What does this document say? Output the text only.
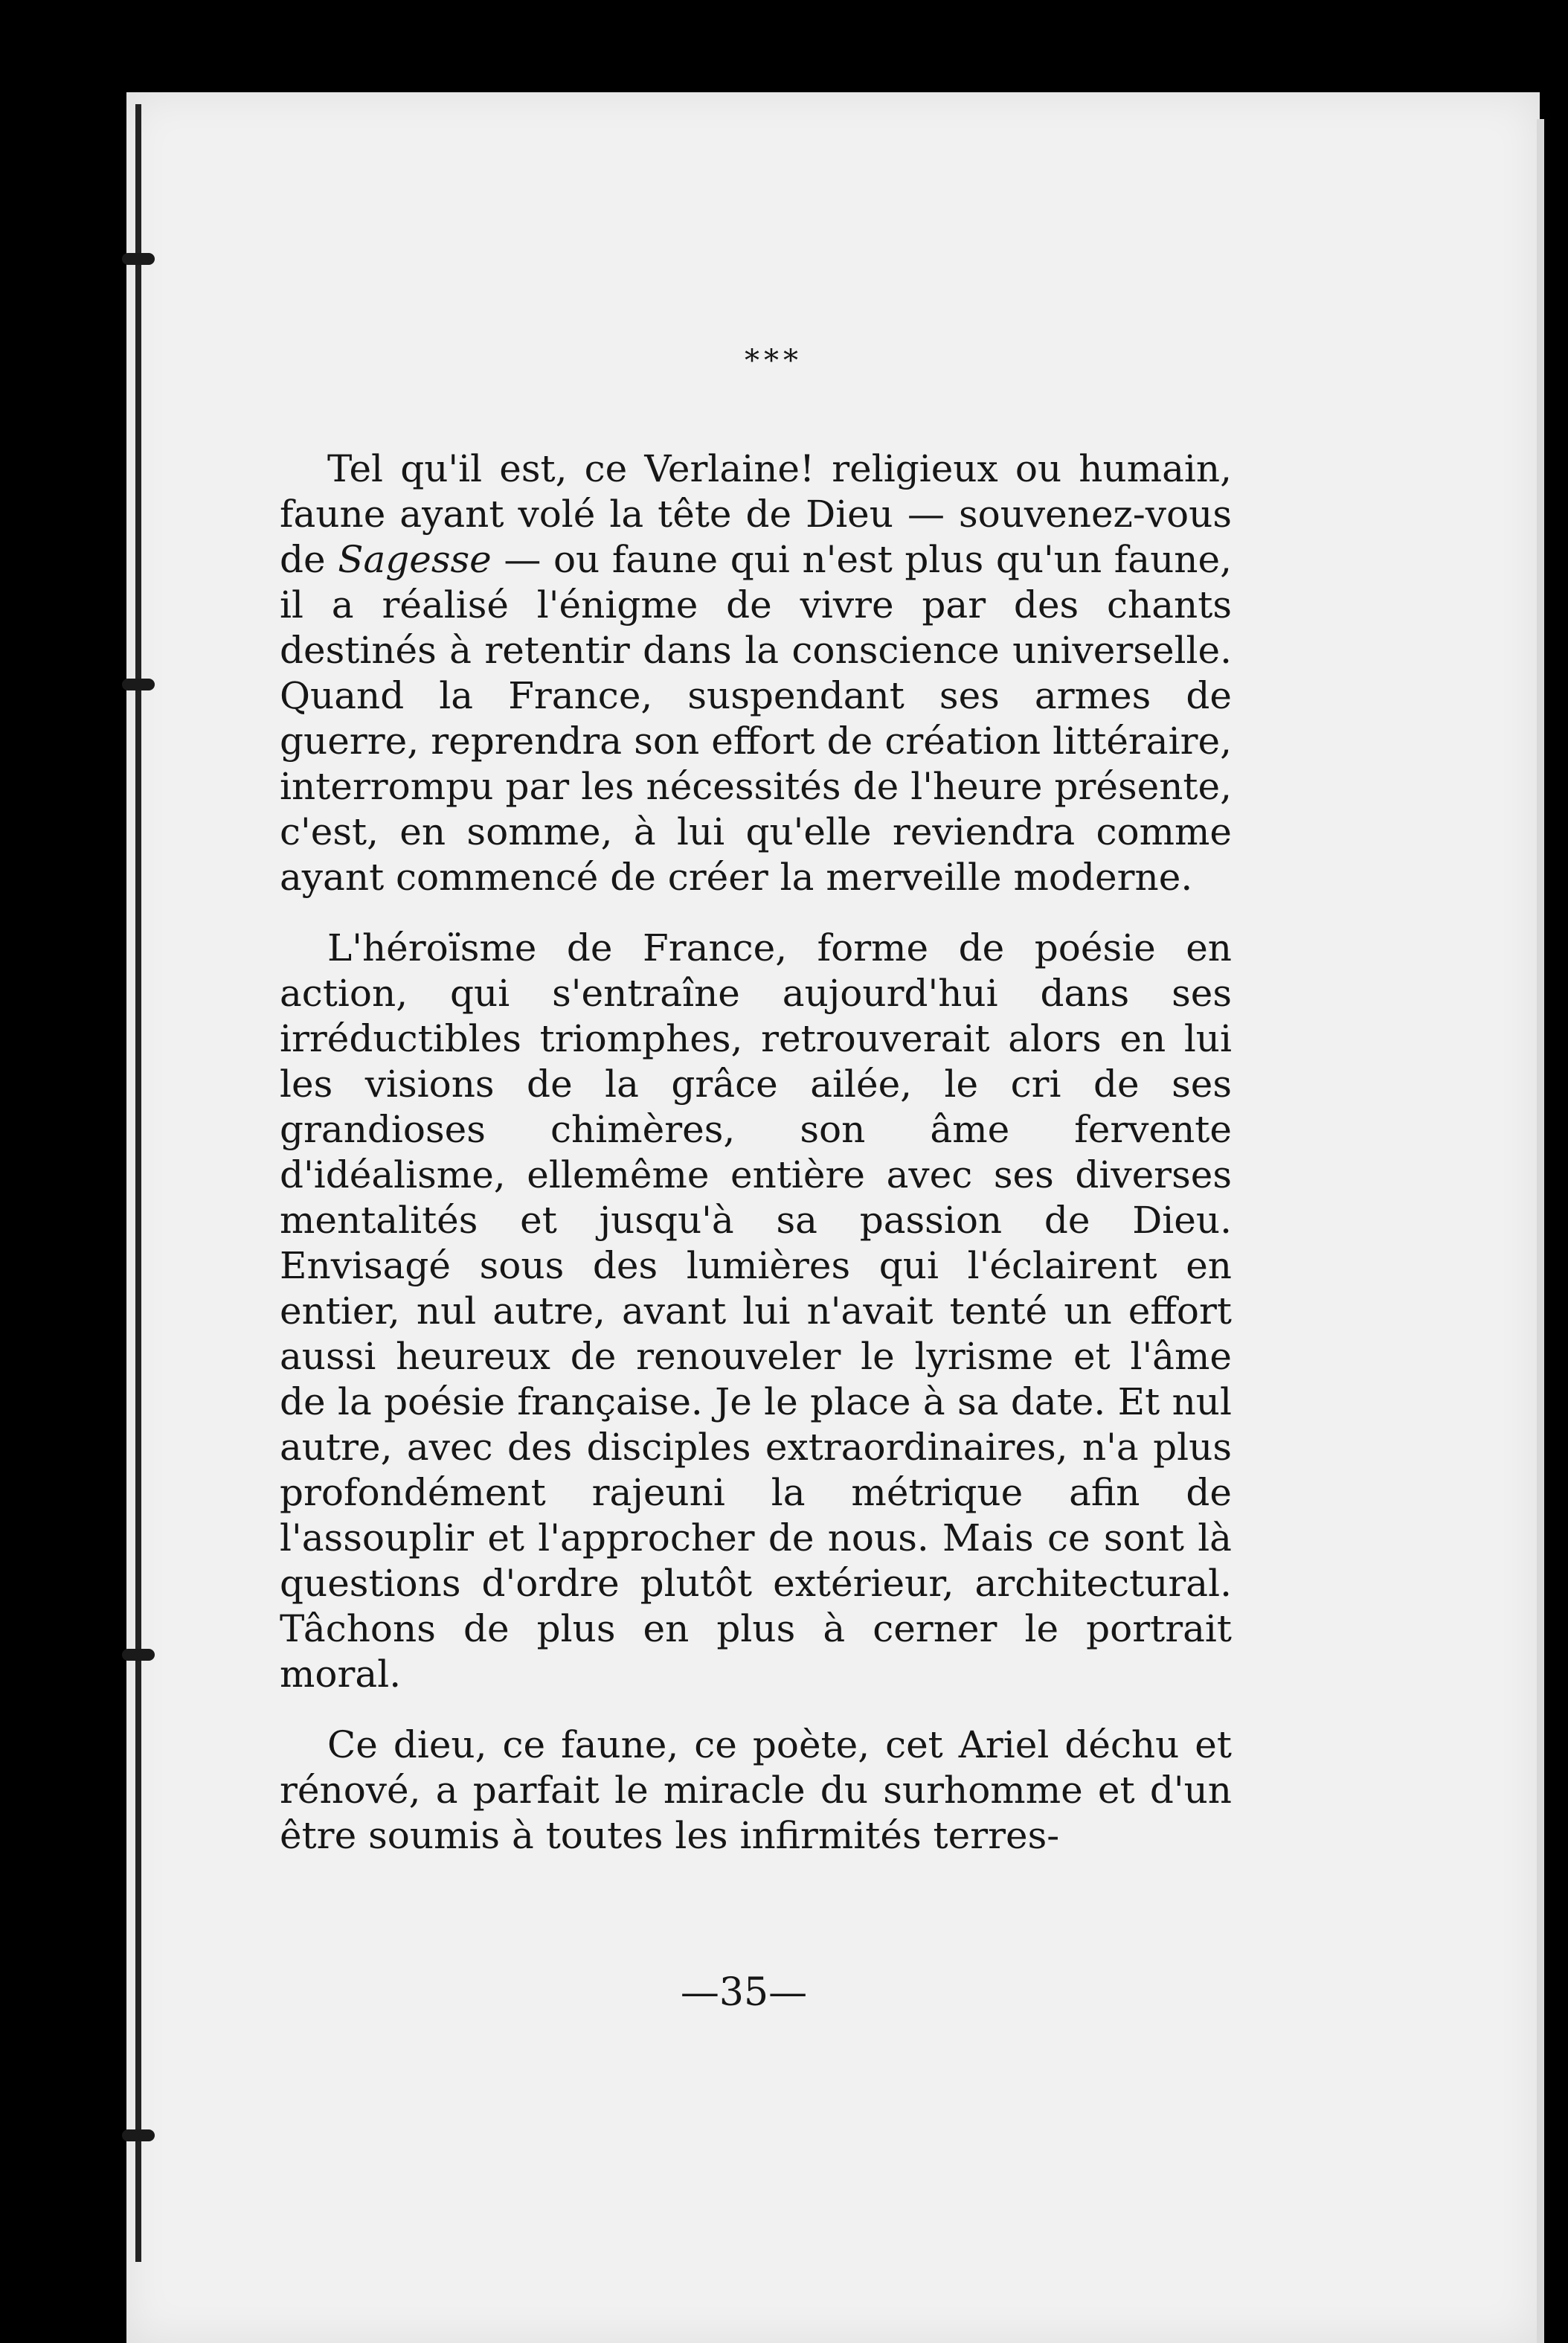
***

Tel qu'il est, ce Verlaine! religieux ou humain, faune ayant volé la tête de Dieu — souvenez-vous de Sagesse — ou faune qui n'est plus qu'un faune, il a réalisé l'énigme de vivre par des chants destinés à retentir dans la conscience universelle. Quand la France, suspendant ses armes de guerre, reprendra son effort de création littéraire, interrompu par les nécessités de l'heure présente, c'est, en somme, à lui qu'elle reviendra comme ayant commencé de créer la merveille moderne.

L'héroïsme de France, forme de poésie en action, qui s'entraîne aujourd'hui dans ses irréductibles triomphes, retrouverait alors en lui les visions de la grâce ailée, le cri de ses grandioses chimères, son âme fervente d'idéalisme, ellemême entière avec ses diverses mentalités et jusqu'à sa passion de Dieu. Envisagé sous des lumières qui l'éclairent en entier, nul autre, avant lui n'avait tenté un effort aussi heureux de renouveler le lyrisme et l'âme de la poésie française. Je le place à sa date. Et nul autre, avec des disciples extraordinaires, n'a plus profondément rajeuni la métrique afin de l'assouplir et l'approcher de nous. Mais ce sont là questions d'ordre plutôt extérieur, architectural. Tâchons de plus en plus à cerner le portrait moral.

Ce dieu, ce faune, ce poète, cet Ariel déchu et rénové, a parfait le miracle du surhomme et d'un être soumis à toutes les infirmités terres-

—35—
